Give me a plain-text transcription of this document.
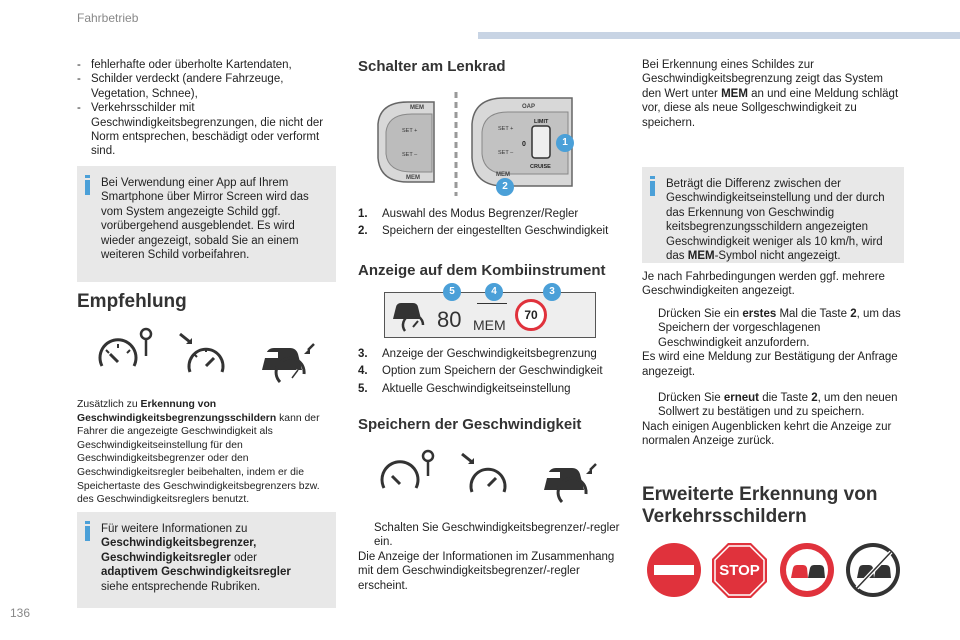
Fahrbetrieb
136
- fehlerhafte oder überholte Kartendaten,
- Schilder verdeckt (andere Fahrzeuge, Vegetation, Schnee),
- Verkehrsschilder mit Geschwindigkeitsbegrenzungen, die nicht der Norm entsprechen, beschädigt oder verformt sind.
Bei Verwendung einer App auf Ihrem Smartphone über Mirror Screen wird das vom System angezeigte Schild ggf. vorübergehend ausgeblendet. Es wird wieder angezeigt, sobald Sie an einem weiteren Schild vorbeifahren.
Empfehlung
Zusätzlich zu Erkennung von Geschwindigkeitsbegrenzungsschildern kann der Fahrer die angezeigte Geschwindigkeit als Geschwindigkeitseinstellung für den Geschwindigkeitsbegrenzer oder den Geschwindigkeitsregler beibehalten, indem er die Speichertaste des Geschwindigkeitsbegrenzers bzw. des Geschwindigkeitsreglers benutzt.
Für weitere Informationen zu
Geschwindigkeitsbegrenzer,
Geschwindigkeitsregler oder
adaptivem Geschwindigkeitsregler
siehe entsprechende Rubriken.
Schalter am Lenkrad
MEM
SET +
SET –
MEM
OAP
SET +
SET –
MEM
LIMIT
0
CRUISE
1
2
1. Auswahl des Modus Begrenzer/Regler
2. Speichern der eingestellten Geschwindigkeit
Anzeige auf dem Kombiinstrument
80 MEM
70
5	4	3
3. Anzeige der Geschwindigkeitsbegrenzung
4. Option zum Speichern der Geschwindigkeit
5. Aktuelle Geschwindigkeitseinstellung
Speichern der Geschwindigkeit
Schalten Sie Geschwindigkeitsbegrenzer/-regler ein.
Die Anzeige der Informationen im Zusammenhang mit dem Geschwindigkeitsbegrenzer/-regler erscheint.
Bei Erkennung eines Schildes zur Geschwindigkeitsbegrenzung zeigt das System den Wert unter MEM an und eine Meldung schlägt vor, diese als neue Sollgeschwindigkeit zu speichern.
Beträgt die Differenz zwischen der Geschwindigkeitseinstellung und der durch das Erkennung von Geschwindig keitsbegrenzungsschildern angezeigten Geschwindigkeit weniger als 10 km/h, wird das MEM-Symbol nicht angezeigt.
Je nach Fahrbedingungen werden ggf. mehrere Geschwindigkeiten angezeigt.
Drücken Sie ein erstes Mal die Taste 2, um das Speichern der vorgeschlagenen Geschwindigkeit anzufordern.
Es wird eine Meldung zur Bestätigung der Anfrage angezeigt.
Drücken Sie erneut die Taste 2, um den neuen Sollwert zu bestätigen und zu speichern.
Nach einigen Augenblicken kehrt die Anzeige zur normalen Anzeige zurück.
Erweiterte Erkennung von Verkehrsschildern
STOP
